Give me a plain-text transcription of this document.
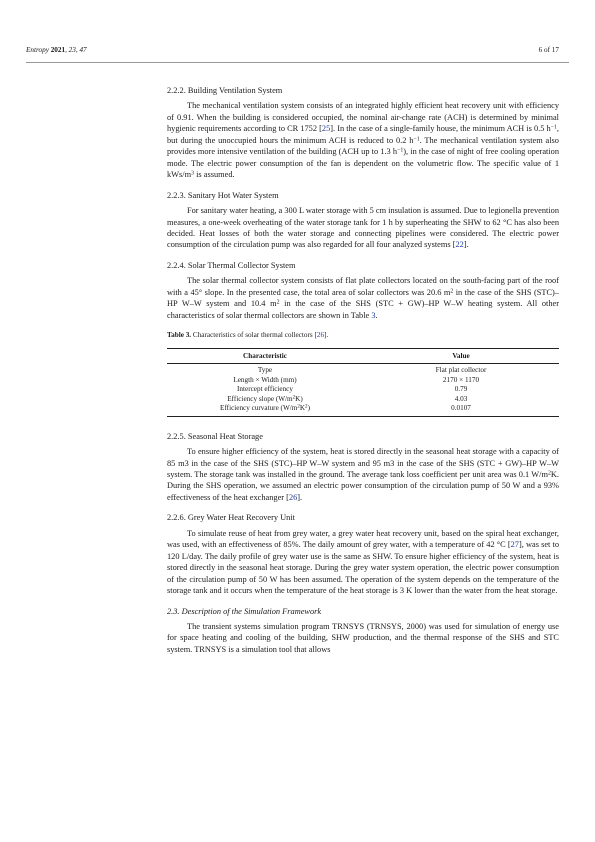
Entropy 2021, 23, 47	6 of 17
2.2.2. Building Ventilation System

The mechanical ventilation system consists of an integrated highly efficient heat recovery unit with efficiency of 0.91. When the building is considered occupied, the nominal air-change rate (ACH) is determined by minimal hygienic requirements according to CR 1752 [25]. In the case of a single-family house, the minimum ACH is 0.5 $h^{-1}$, but during the unoccupied hours the minimum ACH is reduced to 0.2 $h^{-1}$. The mechanical ventilation system also provides more intensive ventilation of the building (ACH up to 1.3 $h^{-1}$), in the case of night of free cooling operation mode. The electric power consumption of the fan is dependent on the volumetric flow. The specific value of 1 kWs/$m^3$ is assumed.

2.2.3. Sanitary Hot Water System

For sanitary water heating, a 300 L water storage with 5 cm insulation is assumed. Due to legionella prevention measures, a one-week overheating of the water storage tank for 1 h by superheating the SHW to 62 °C has also been decided. Heat losses of both the water storage and connecting pipelines were considered. The electric power consumption of the circulation pump was also regarded for all four analyzed systems [22].

2.2.4. Solar Thermal Collector System

The solar thermal collector system consists of flat plate collectors located on the south-facing part of the roof with a 45° slope. In the presented case, the total area of solar collectors was 20.6 $m^2$ in the case of the SHS (STC)–HP W–W system and 10.4 $m^2$ in the case of the SHS (STC + GW)–HP W–W heating system. All other characteristics of solar thermal collectors are shown in Table 3.

Table 3. Characteristics of solar thermal collectors [26].
Characteristic	Value
Type	Flat plat collector
Length × Width (mm)	2170 × 1170
Intercept efficiency	0.79
Efficiency slope $(W/m^2K)$	4.03
Efficiency curvature $(W/m^2K^2)$	0.0107
2.2.5. Seasonal Heat Storage

To ensure higher efficiency of the system, heat is stored directly in the seasonal heat storage with a capacity of 85 m3 in the case of the SHS (STC)–HP W–W system and 95 m3 in the case of the SHS (STC + GW)–HP W–W system. The storage tank was installed in the ground. The average tank loss coefficient per unit area was 0.1 $W/m^2K$. During the SHS operation, we assumed an electric power consumption of the circulation pump of 50 W and a 93% effectiveness of the heat exchanger [26].

2.2.6. Grey Water Heat Recovery Unit

To simulate reuse of heat from grey water, a grey water heat recovery unit, based on the spiral heat exchanger, was used, with an effectiveness of 85%. The daily amount of grey water, with a temperature of 42 °C [27], was set to 120 L/day. The daily profile of grey water use is the same as SHW. To ensure higher efficiency of the system, heat is stored directly in the seasonal heat storage. During the grey water system operation, the electric power consumption of the circulation pump of 50 W has been assumed. The operation of the system depends on the temperature of the storage tank and it occurs when the temperature of the heat storage is 3 K lower than the water from the heat storage.

2.3. Description of the Simulation Framework

The transient systems simulation program TRNSYS (TRNSYS, 2000) was used for simulation of energy use for space heating and cooling of the building, SHW production, and the thermal response of the SHS and STC system. TRNSYS is a simulation tool that allows
